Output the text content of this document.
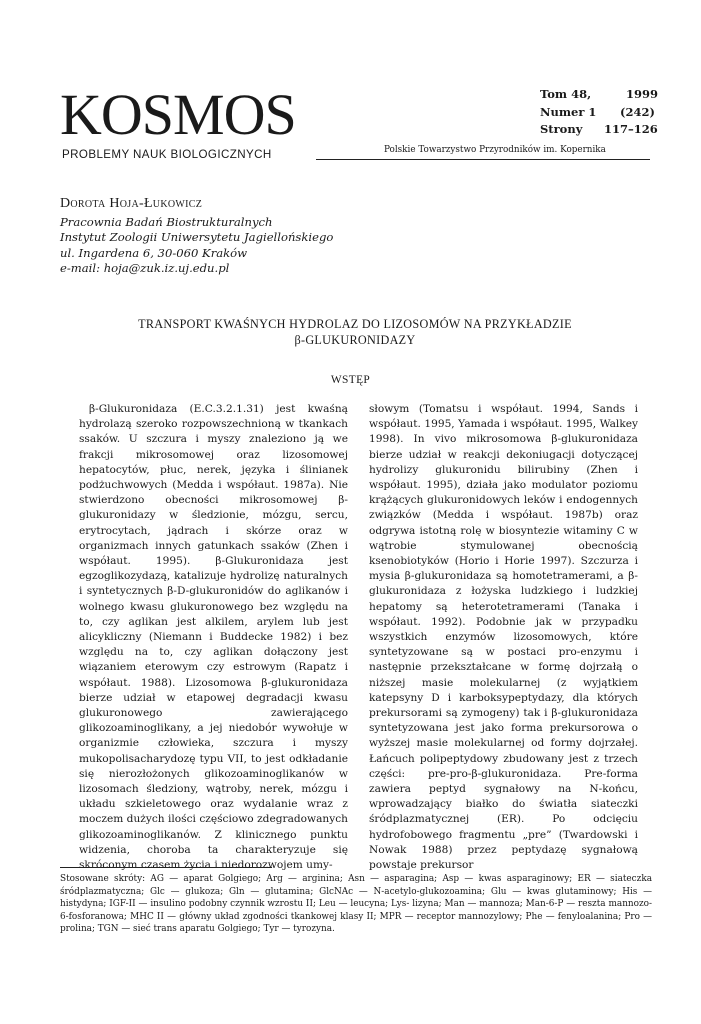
KOSMOS
PROBLEMY NAUK BIOLOGICZNYCH	Polskie Towarzystwo Przyrodników im. Kopernika
Tom 48,	1999
Numer 1	(242)
Strony	117–126
Dorota Hoja-Łukowicz
Pracownia Badań Biostrukturalnych
Instytut Zoologii Uniwersytetu Jagiellońskiego
ul. Ingardena 6, 30-060 Kraków
e-mail: hoja@zuk.iz.uj.edu.pl
TRANSPORT KWAŚNYCH HYDROLAZ DO LIZOSOMÓW NA PRZYKŁADZIE
β-GLUKURONIDAZY
WSTĘP

β-Glukuronidaza (E.C.3.2.1.31) jest kwaśną hydrolazą szeroko rozpowszechnioną w tkankach ssaków. U szczura i myszy znaleziono ją we frakcji mikrosomowej oraz lizosomowej hepatocytów, płuc, nerek, języka i ślinianek podżuchwowych (Medda i współaut. 1987a). Nie stwierdzono obecności mikrosomowej β-glukuronidazy w śledzionie, mózgu, sercu, erytrocytach, jądrach i skórze oraz w organizmach innych gatunkach ssaków (Zhen i współaut. 1995). β-Glukuronidaza jest egzoglikozydazą, katalizuje hydrolizę naturalnych i syntetycznych β-D-glukuronidów do aglikanów i wolnego kwasu glukuronowego bez względu na to, czy aglikan jest alkilem, arylem lub jest alicykliczny (Niemann i Buddecke 1982) i bez względu na to, czy aglikan dołączony jest wiązaniem eterowym czy estrowym (Rapatz i współaut. 1988). Lizosomowa β-glukuronidaza bierze udział w etapowej degradacji kwasu glukuronowego zawierającego glikozoaminoglikany, a jej niedobór wywołuje w organizmie człowieka, szczura i myszy mukopolisacharydozę typu VII, to jest odkładanie się nierozłożonych glikozoaminoglikanów w lizosomach śledziony, wątroby, nerek, mózgu i układu szkieletowego oraz wydalanie wraz z moczem dużych ilości częściowo zdegradowanych glikozoaminoglikanów. Z klinicznego punktu widzenia, choroba ta charakteryzuje się skróconym czasem życia i niedorozwojem umy-

słowym (Tomatsu i współaut. 1994, Sands i współaut. 1995, Yamada i współaut. 1995, Walkey 1998). In vivo mikrosomowa β-glukuronidaza bierze udział w reakcji dekoniugacji dotyczącej hydrolizy glukuronidu bilirubiny (Zhen i współaut. 1995), działa jako modulator poziomu krążących glukuronidowych leków i endogennych związków (Medda i współaut. 1987b) oraz odgrywa istotną rolę w biosyntezie witaminy C w wątrobie stymulowanej obecnością ksenobiotyków (Horio i Horie 1997). Szczurza i mysia β-glukuronidaza są homotetramerami, a β-glukuronidaza z łożyska ludzkiego i ludzkiej hepatomy są heterotetramerami (Tanaka i współaut. 1992). Podobnie jak w przypadku wszystkich enzymów lizosomowych, które syntetyzowane są w postaci pro-enzymu i następnie przekształcane w formę dojrzałą o niższej masie molekularnej (z wyjątkiem katepsyny D i karboksypeptydazy, dla których prekursorami są zymogeny) tak i β-glukuronidaza syntetyzowana jest jako forma prekursorowa o wyższej masie molekularnej od formy dojrzałej. Łańcuch polipeptydowy zbudowany jest z trzech części: pre-pro-β-glukuronidaza. Pre-forma zawiera peptyd sygnałowy na N-końcu, wprowadzający białko do światła siateczki śródplazmatycznej (ER). Po odcięciu hydrofobowego fragmentu „pre” (Twardowski i Nowak 1988) przez peptydazę sygnałową powstaje prekursor

Stosowane skróty: AG — aparat Golgiego; Arg — arginina; Asn — asparagina; Asp — kwas asparaginowy; ER — siateczka śródplazmatyczna; Glc — glukoza; Gln — glutamina; GlcNAc — N-acetylo-glukozoamina; Glu — kwas glutaminowy; His — histydyna; IGF-II — insulino podobny czynnik wzrostu II; Leu — leucyna; Lys- lizyna; Man — mannoza; Man-6-P — reszta mannozo-6-fosforanowa; MHC II — główny układ zgodności tkankowej klasy II; MPR — receptor mannozylowy; Phe — fenyloalanina; Pro — prolina; TGN — sieć trans aparatu Golgiego; Tyr — tyrozyna.
